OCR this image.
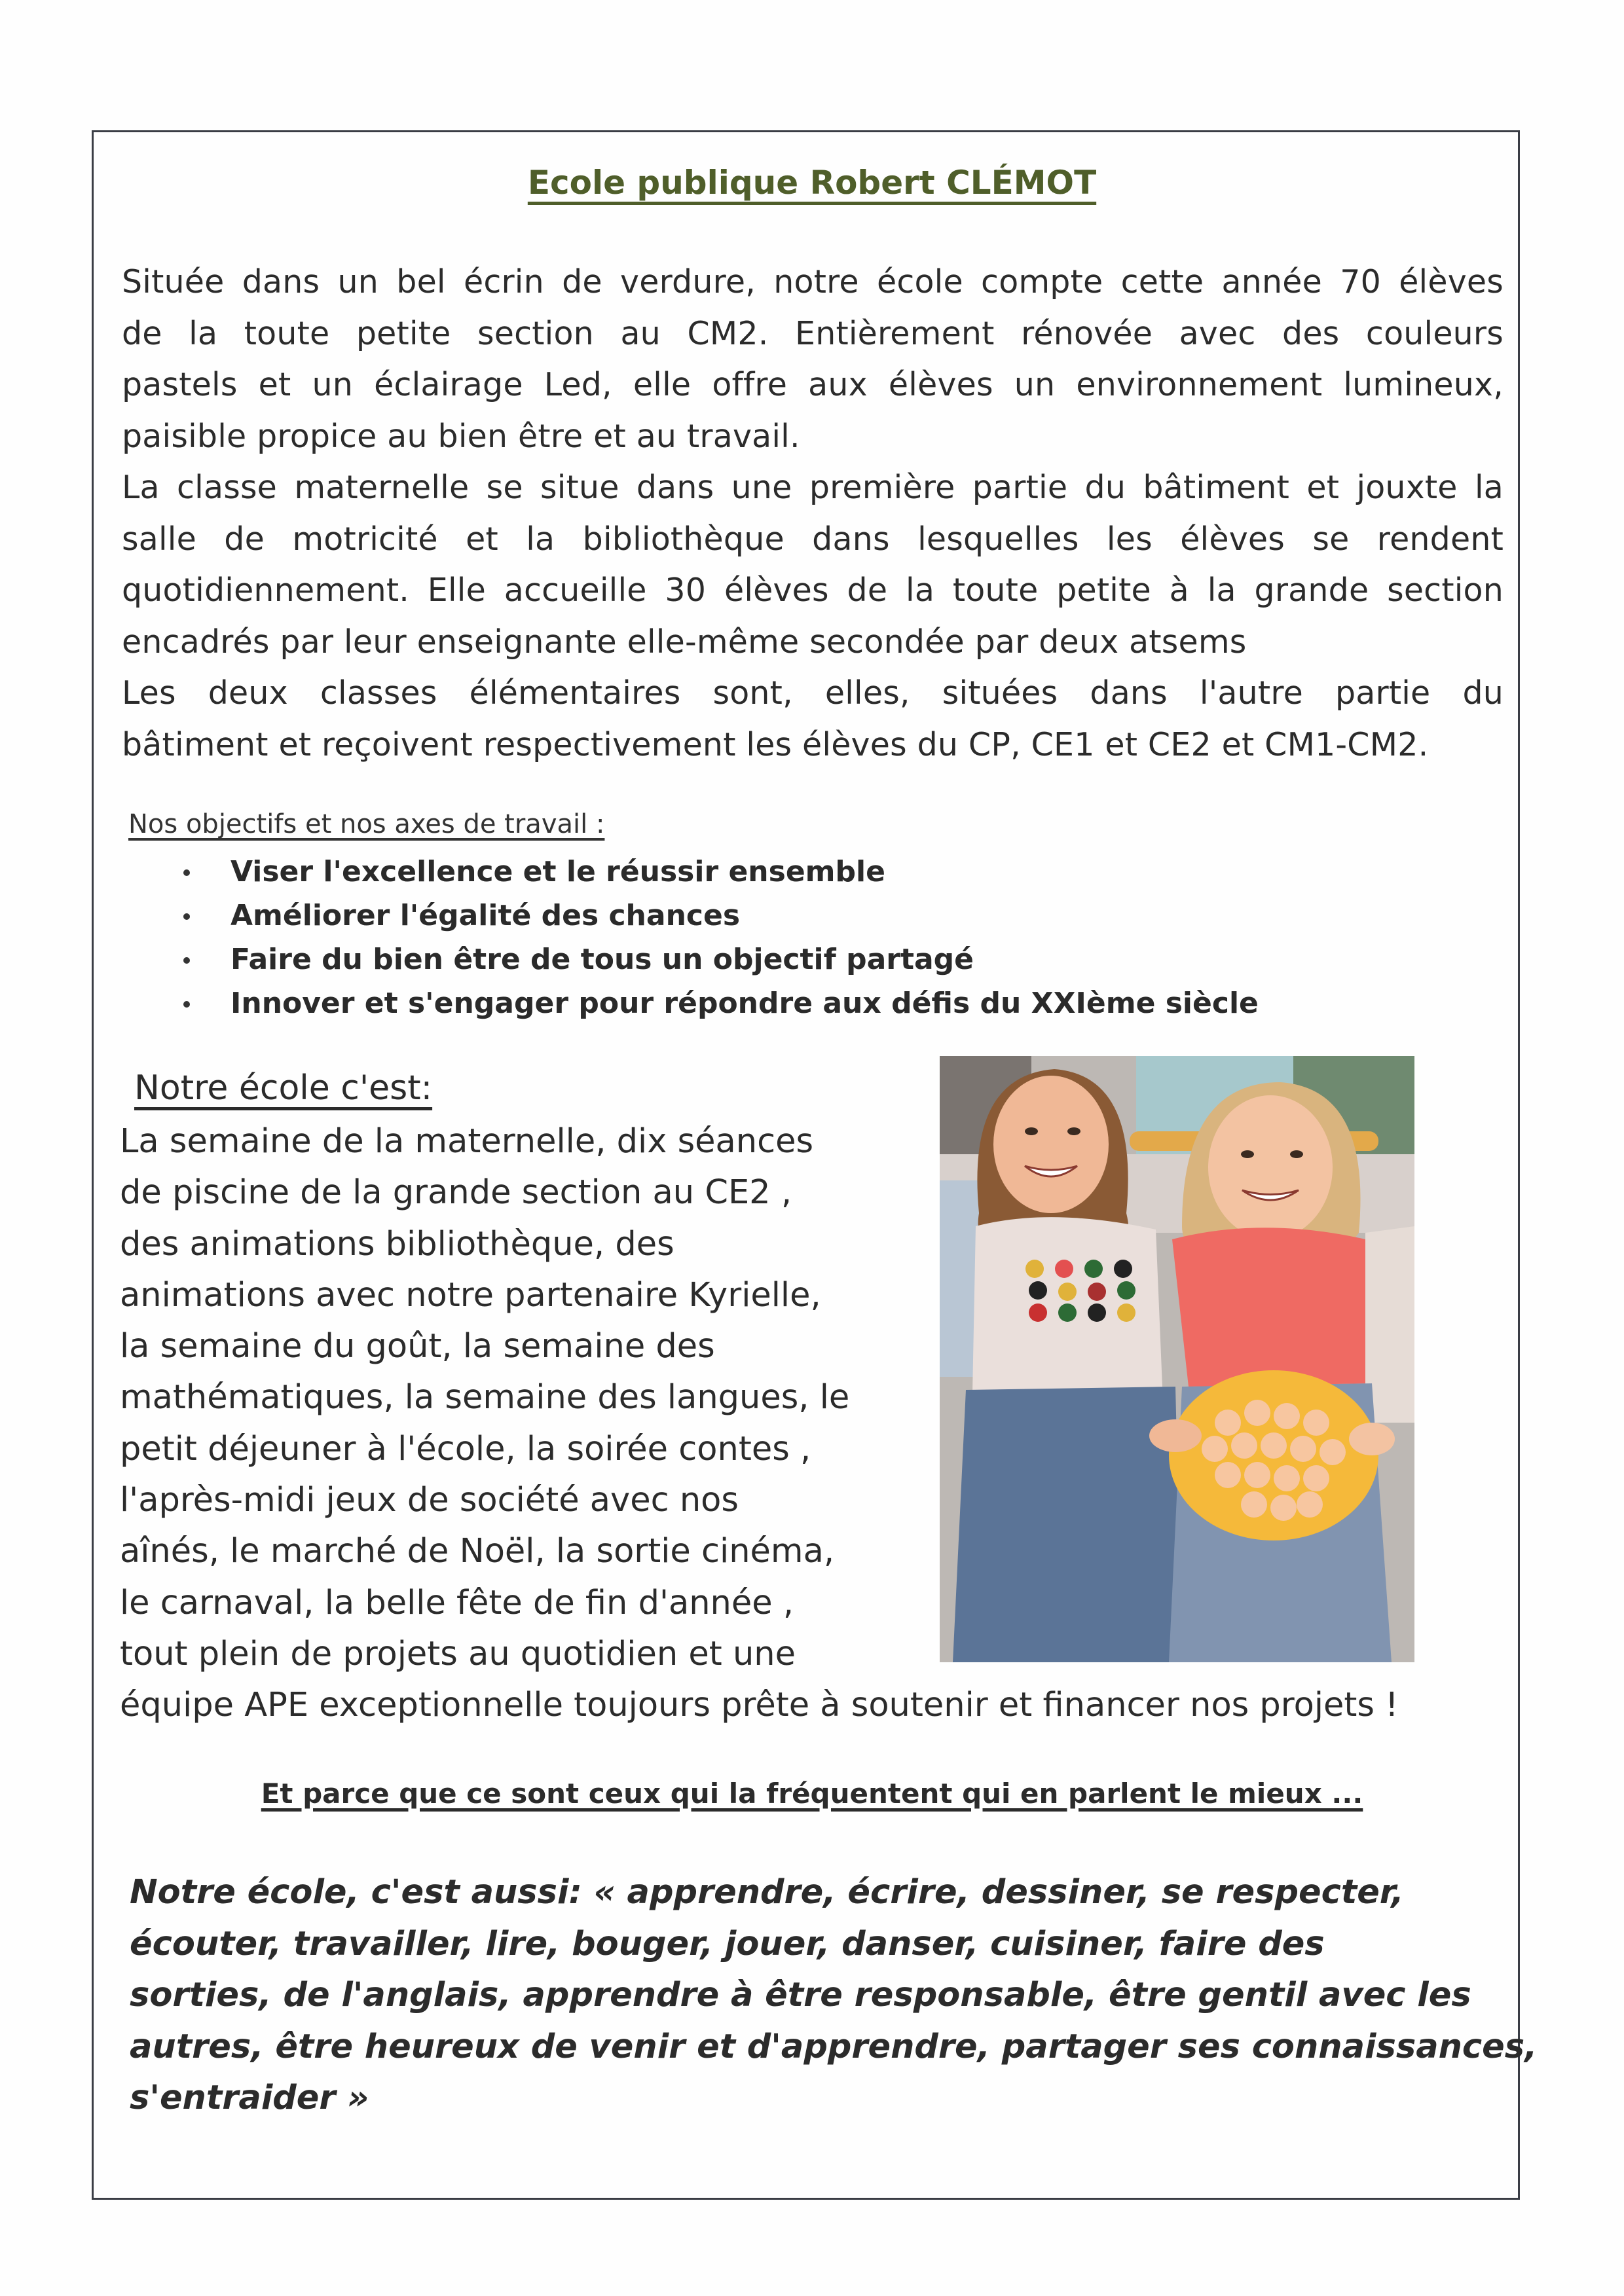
Ecole publique Robert CLÉMOT
Située dans un bel écrin de verdure, notre école compte cette année 70 élèves
de la toute petite section au CM2. Entièrement rénovée avec des couleurs
pastels et un éclairage Led, elle offre aux élèves un environnement lumineux,
paisible propice au bien être et au travail.
La classe maternelle se situe dans une première partie du bâtiment et jouxte la
salle de motricité et la bibliothèque dans lesquelles les élèves se rendent
quotidiennement. Elle accueille 30 élèves de la toute petite à la grande section
encadrés par leur enseignante elle-même secondée par deux atsems
Les deux classes élémentaires sont, elles, situées dans l'autre partie du
bâtiment et reçoivent respectivement les élèves du CP, CE1 et CE2 et CM1-CM2.
Nos objectifs et nos axes de travail :
Viser l'excellence et le réussir ensemble
Améliorer l'égalité des chances
Faire du bien être de tous un objectif partagé
Innover et s'engager pour répondre aux défis du XXIème siècle
Notre école c'est:
La semaine de la maternelle, dix séances
de piscine de la grande section au CE2 ,
des animations bibliothèque, des
animations avec notre partenaire Kyrielle,
la semaine du goût, la semaine des
mathématiques, la semaine des langues, le
petit déjeuner à l'école, la soirée contes ,
l'après-midi jeux de société avec nos
aînés, le marché de Noël, la sortie cinéma,
le carnaval, la belle fête de fin d'année ,
tout plein de projets au quotidien et une
équipe APE exceptionnelle toujours prête à soutenir et financer nos projets !
Et parce que ce sont ceux qui la fréquentent qui en parlent le mieux ...
Notre école, c'est aussi: « apprendre, écrire, dessiner, se respecter,
écouter, travailler, lire, bouger, jouer, danser, cuisiner, faire des
sorties, de l'anglais, apprendre à être responsable, être gentil avec les
autres, être heureux de venir et d'apprendre, partager ses connaissances,
s'entraider »
